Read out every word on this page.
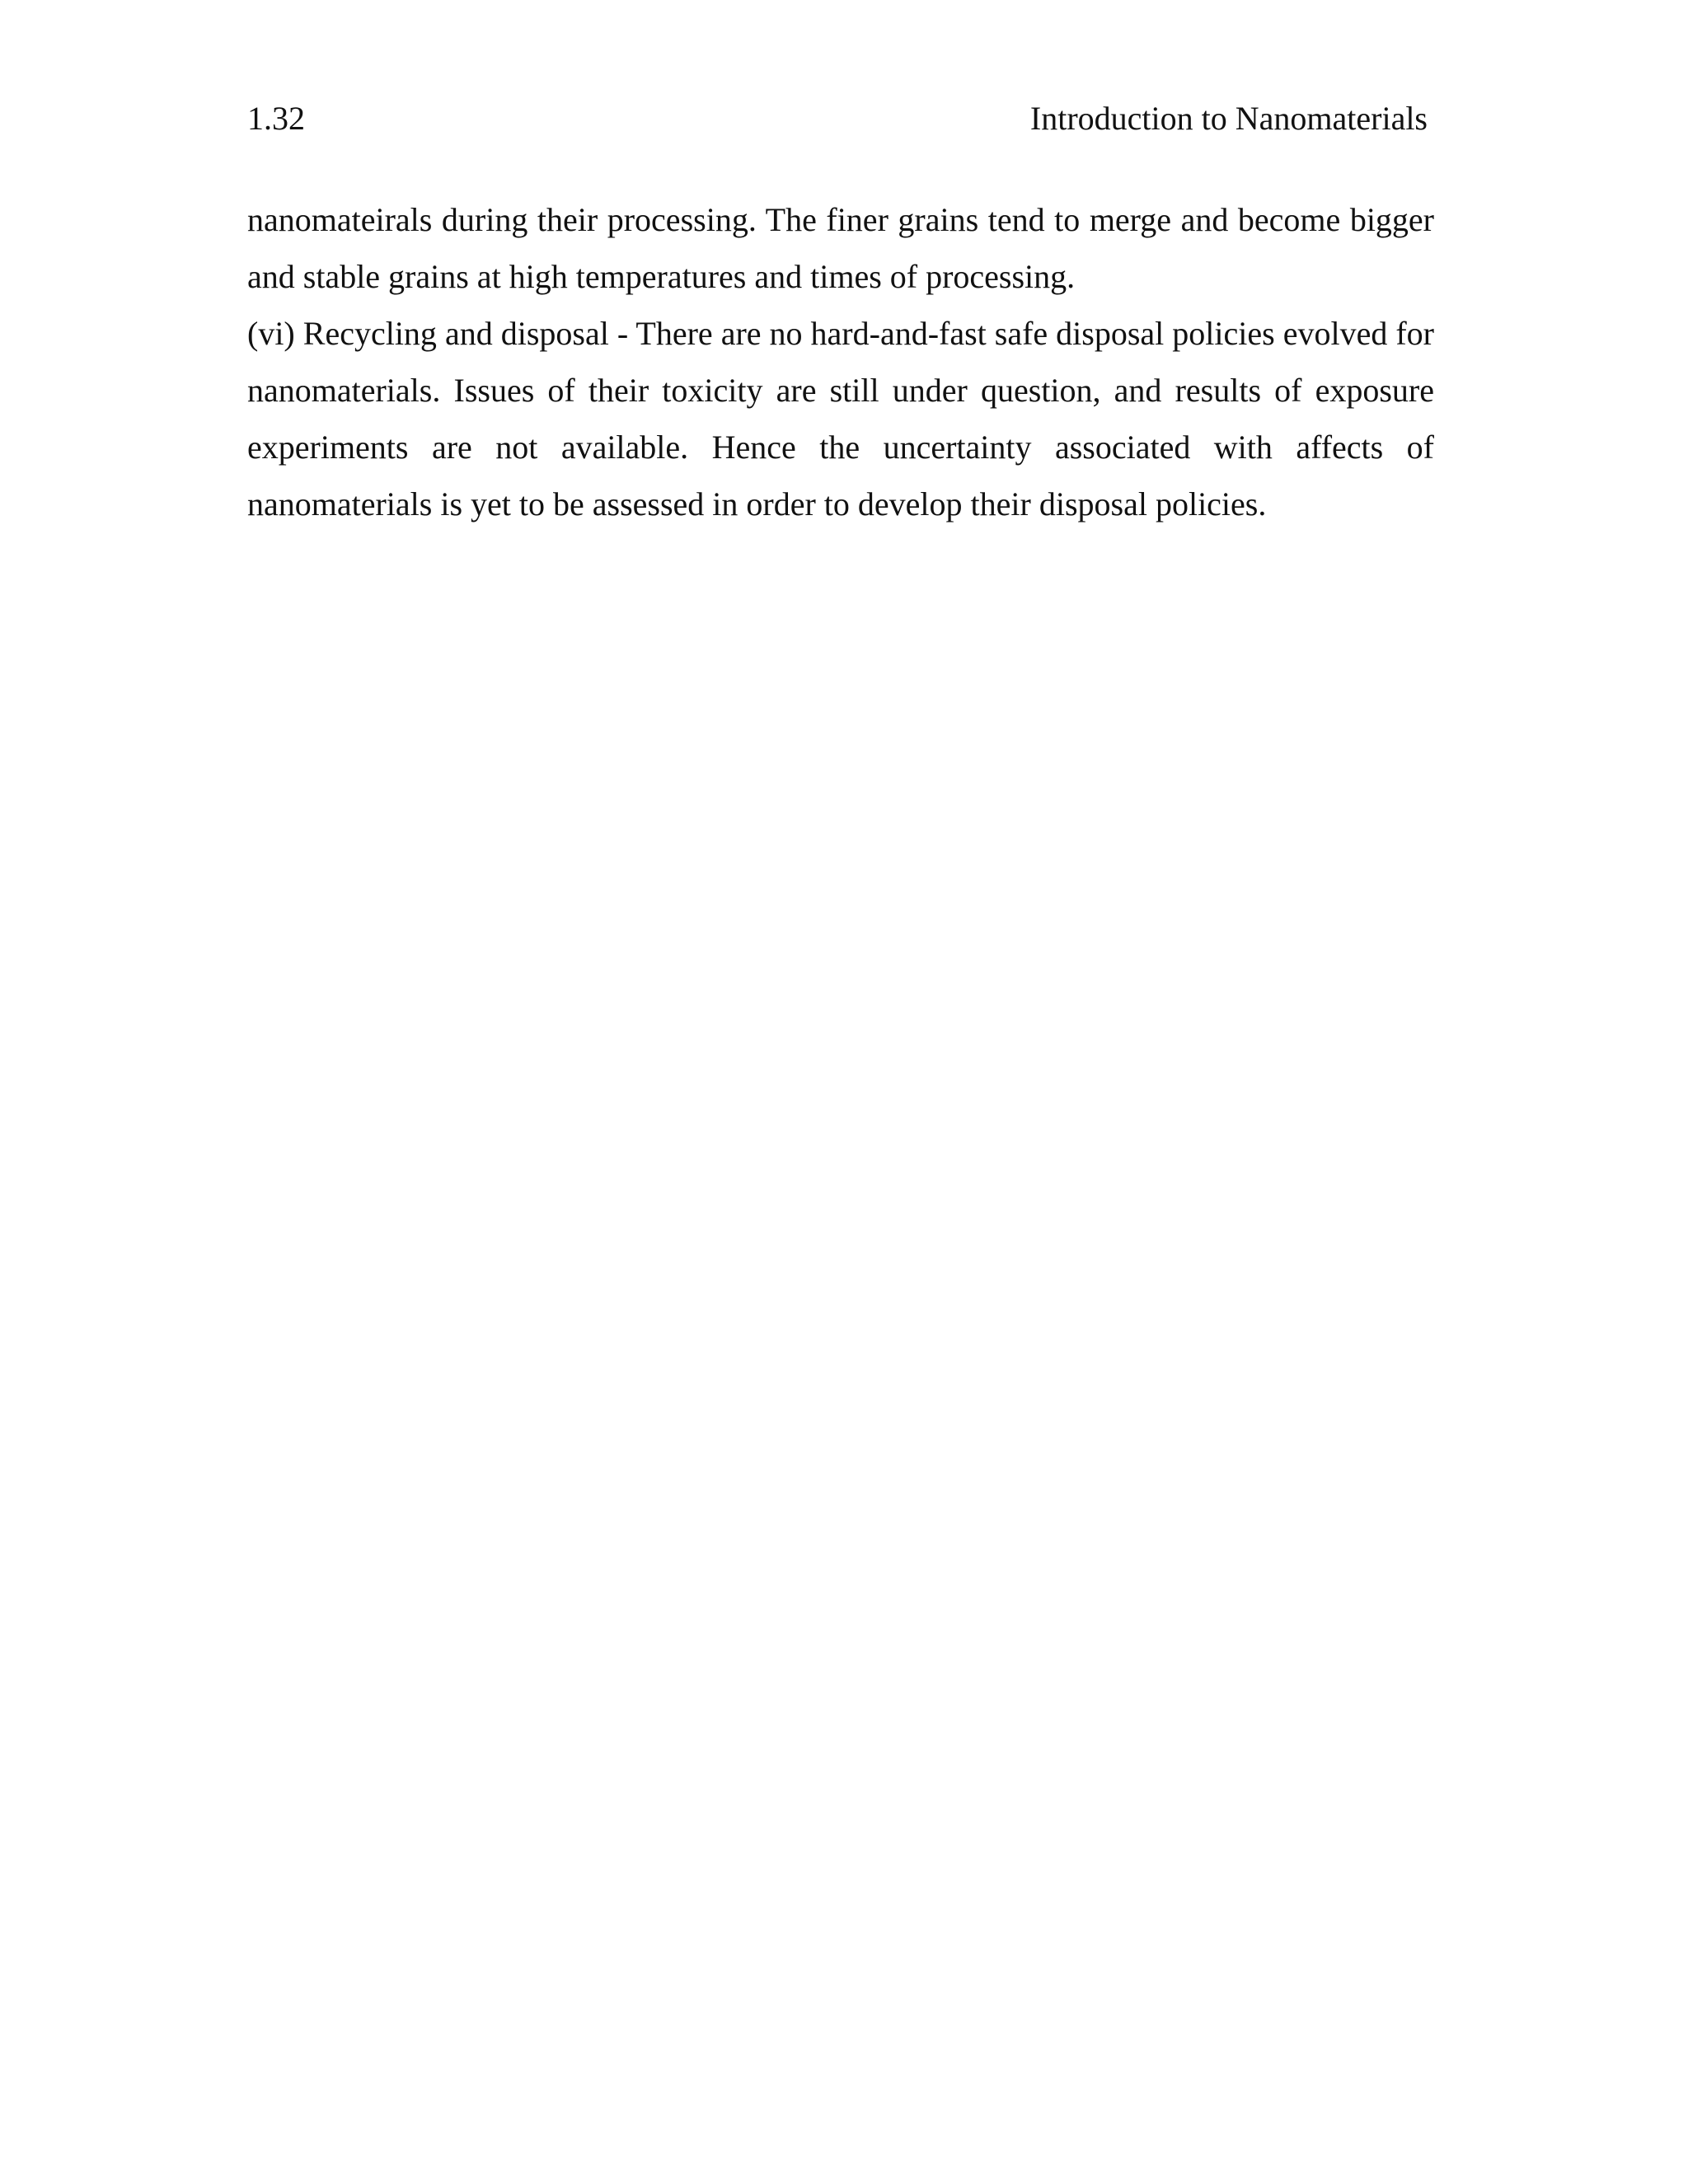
1.32	Introduction to Nanomaterials

nanomateirals during their processing. The finer grains tend to merge and become bigger and stable grains at high temperatures and times of processing.

(vi) Recycling and disposal - There are no hard-and-fast safe disposal policies evolved for nanomaterials. Issues of their toxicity are still under question, and results of exposure experiments are not available. Hence the uncertainty associated with affects of nanomaterials is yet to be assessed in order to develop their disposal policies.
